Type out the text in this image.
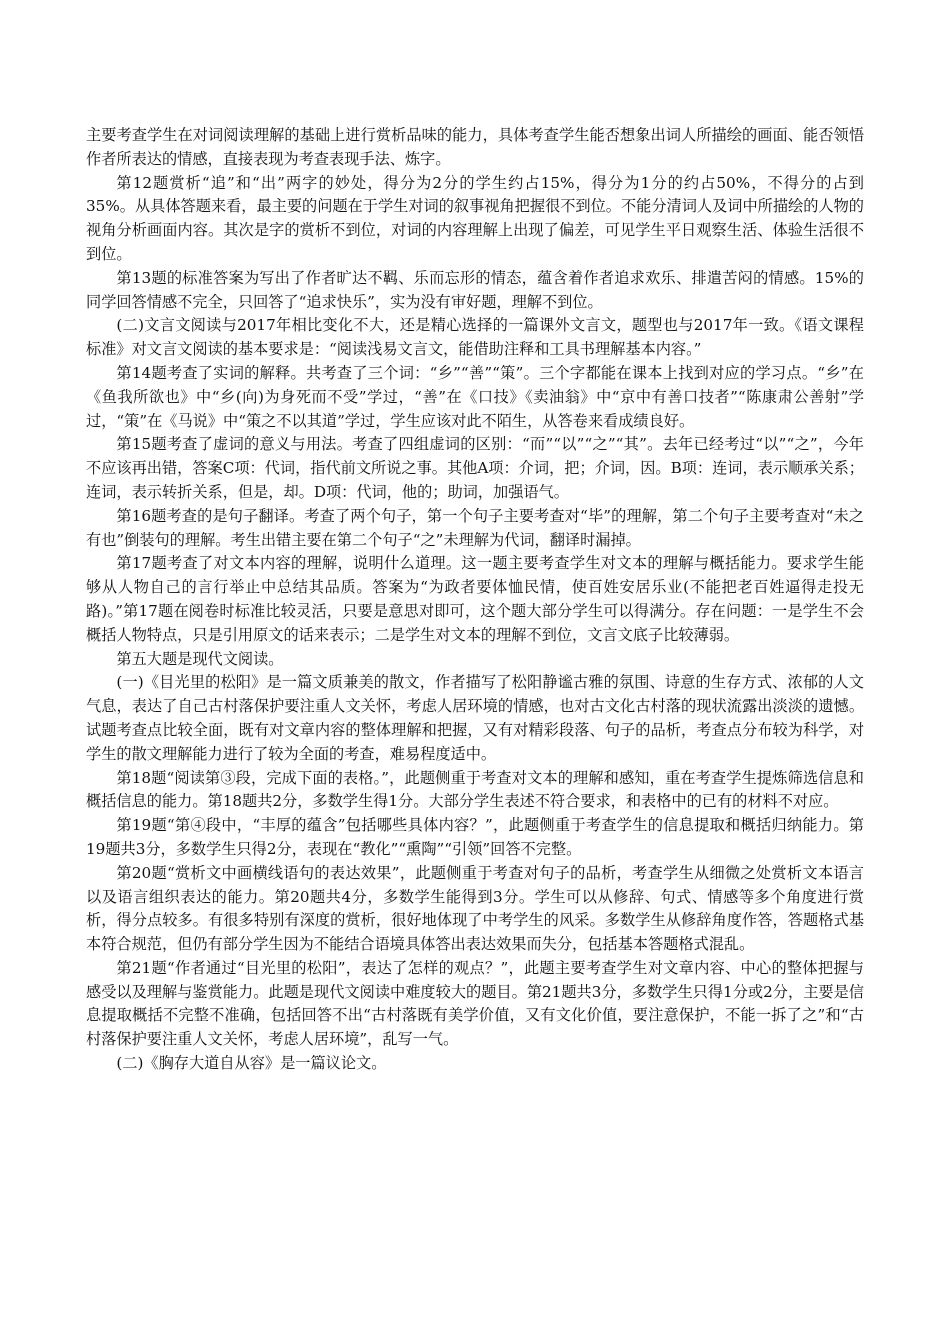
主要考查学生在对词阅读理解的基础上进行赏析品味的能力，具体考查学生能否想象出词人所描绘的画面、能否领悟作者所表达的情感，直接表现为考查表现手法、炼字。

第12题赏析“追”和“出”两字的妙处，得分为2分的学生约占15%，得分为1分的约占50%，不得分的占到35%。从具体答题来看，最主要的问题在于学生对词的叙事视角把握很不到位。不能分清词人及词中所描绘的人物的视角分析画面内容。其次是字的赏析不到位，对词的内容理解上出现了偏差，可见学生平日观察生活、体验生活很不到位。

第13题的标准答案为写出了作者旷达不羁、乐而忘形的情态，蕴含着作者追求欢乐、排遣苦闷的情感。15%的同学回答情感不完全，只回答了“追求快乐”，实为没有审好题，理解不到位。

(二)文言文阅读与2017年相比变化不大，还是精心选择的一篇课外文言文，题型也与2017年一致。《语文课程标准》对文言文阅读的基本要求是：“阅读浅易文言文，能借助注释和工具书理解基本内容。”

第14题考查了实词的解释。共考查了三个词：“乡”“善”“策”。三个字都能在课本上找到对应的学习点。“乡”在《鱼我所欲也》中“乡(向)为身死而不受”学过，“善”在《口技》《卖油翁》中“京中有善口技者”“陈康肃公善射”学过，“策”在《马说》中“策之不以其道”学过，学生应该对此不陌生，从答卷来看成绩良好。

第15题考查了虚词的意义与用法。考查了四组虚词的区别：“而”“以”“之”“其”。去年已经考过“以”“之”，今年不应该再出错，答案C项：代词，指代前文所说之事。其他A项：介词，把；介词，因。B项：连词，表示顺承关系；连词，表示转折关系，但是，却。D项：代词，他的；助词，加强语气。

第16题考查的是句子翻译。考查了两个句子，第一个句子主要考查对“毕”的理解，第二个句子主要考查对“未之有也”倒装句的理解。考生出错主要在第二个句子“之”未理解为代词，翻译时漏掉。

第17题考查了对文本内容的理解，说明什么道理。这一题主要考查学生对文本的理解与概括能力。要求学生能够从人物自己的言行举止中总结其品质。答案为“为政者要体恤民情，使百姓安居乐业(不能把老百姓逼得走投无路)。”第17题在阅卷时标准比较灵活，只要是意思对即可，这个题大部分学生可以得满分。存在问题：一是学生不会概括人物特点，只是引用原文的话来表示；二是学生对文本的理解不到位，文言文底子比较薄弱。

第五大题是现代文阅读。

(一)《目光里的松阳》是一篇文质兼美的散文，作者描写了松阳静谧古雅的氛围、诗意的生存方式、浓郁的人文气息，表达了自己古村落保护要注重人文关怀，考虑人居环境的情感，也对古文化古村落的现状流露出淡淡的遗憾。试题考查点比较全面，既有对文章内容的整体理解和把握，又有对精彩段落、句子的品析，考查点分布较为科学，对学生的散文理解能力进行了较为全面的考查，难易程度适中。

第18题“阅读第③段，完成下面的表格。”，此题侧重于考查对文本的理解和感知，重在考查学生提炼筛选信息和概括信息的能力。第18题共2分，多数学生得1分。大部分学生表述不符合要求，和表格中的已有的材料不对应。

第19题“第④段中，“丰厚的蕴含”包括哪些具体内容？”，此题侧重于考查学生的信息提取和概括归纳能力。第19题共3分，多数学生只得2分，表现在“教化”“熏陶”“引领”回答不完整。

第20题“赏析文中画横线语句的表达效果”，此题侧重于考查对句子的品析，考查学生从细微之处赏析文本语言以及语言组织表达的能力。第20题共4分，多数学生能得到3分。学生可以从修辞、句式、情感等多个角度进行赏析，得分点较多。有很多特别有深度的赏析，很好地体现了中考学生的风采。多数学生从修辞角度作答，答题格式基本符合规范，但仍有部分学生因为不能结合语境具体答出表达效果而失分，包括基本答题格式混乱。

第21题“作者通过“目光里的松阳”，表达了怎样的观点？”，此题主要考查学生对文章内容、中心的整体把握与感受以及理解与鉴赏能力。此题是现代文阅读中难度较大的题目。第21题共3分，多数学生只得1分或2分，主要是信息提取概括不完整不准确，包括回答不出“古村落既有美学价值，又有文化价值，要注意保护，不能一拆了之”和“古村落保护要注重人文关怀，考虑人居环境”，乱写一气。

(二)《胸存大道自从容》是一篇议论文。
